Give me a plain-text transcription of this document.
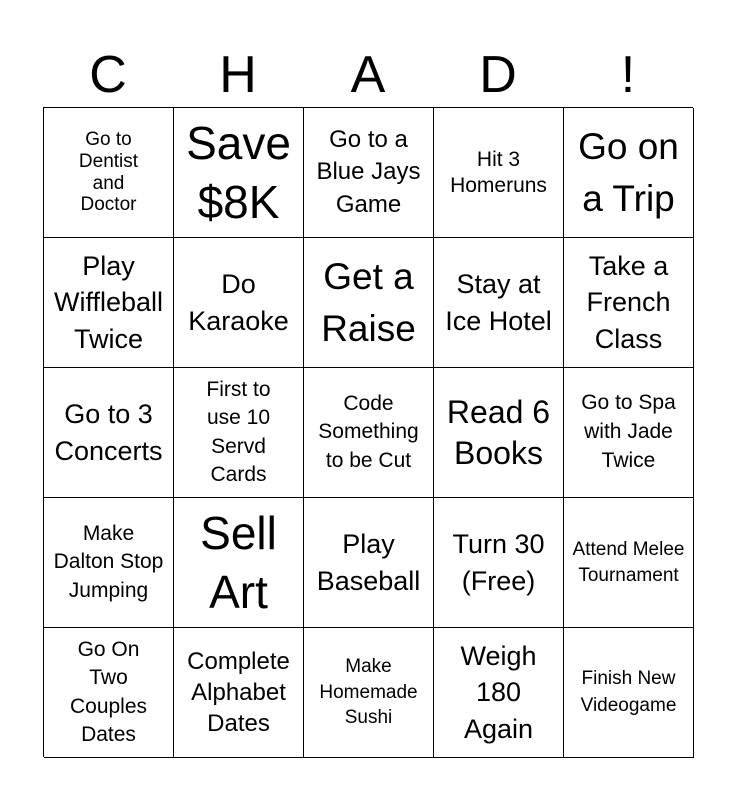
C	H	A	D	!
Go to Dentist and Doctor
Save $8K
Go to a Blue Jays Game
Hit 3 Homeruns
Go on a Trip
Play Wiffleball Twice
Do Karaoke
Get a Raise
Stay at Ice Hotel
Take a French Class
Go to 3 Concerts
First to use 10 Servd Cards
Code Something to be Cut
Read 6 Books
Go to Spa with Jade Twice
Make Dalton Stop Jumping
Sell Art
Play Baseball
Turn 30 (Free)
Attend Melee Tournament
Go On Two Couples Dates
Complete Alphabet Dates
Make Homemade Sushi
Weigh 180 Again
Finish New Videogame
